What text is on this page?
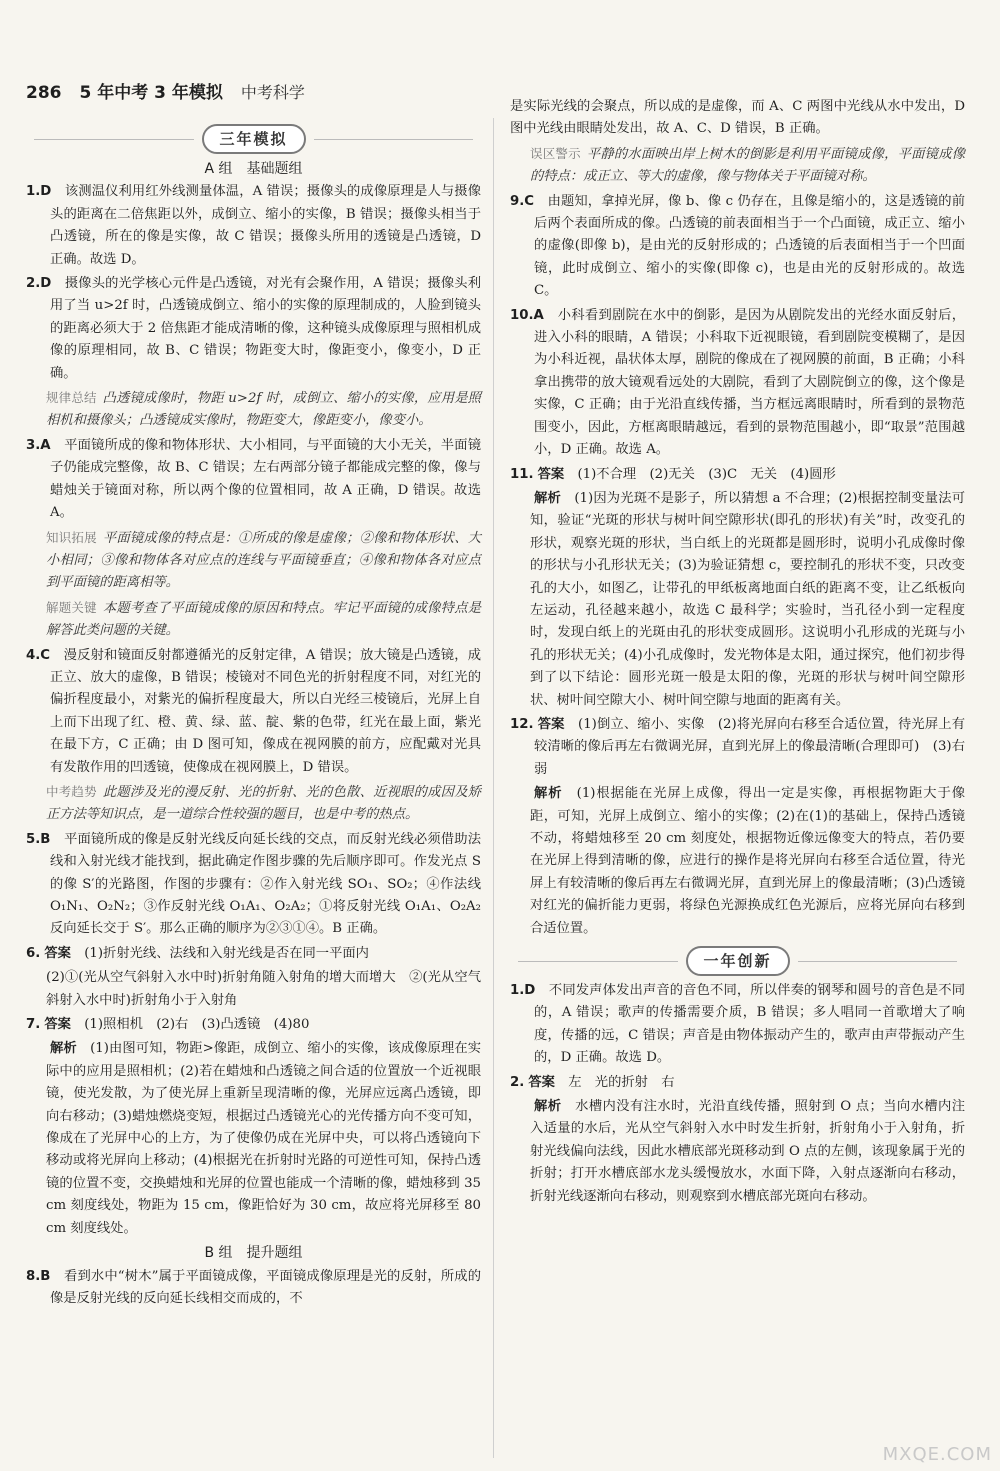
286 5 年中考 3 年模拟 中考科学
三年模拟
A 组　基础题组
1.D　 该测温仪利用红外线测量体温，A 错误；摄像头的成像原理是人与摄像头的距离在二倍焦距以外，成倒立、缩小的实像，B 错误；摄像头相当于凸透镜，所在的像是实像，故 C 错误；摄像头所用的透镜是凸透镜，D 正确。故选 D。
2.D　 摄像头的光学核心元件是凸透镜，对光有会聚作用，A 错误；摄像头利用了当 u>2f 时，凸透镜成倒立、缩小的实像的原理制成的，人脸到镜头的距离必须大于 2 倍焦距才能成清晰的像，这种镜头成像原理与照相机成像的原理相同，故 B、C 错误；物距变大时，像距变小，像变小，D 正确。
规律总结 凸透镜成像时，物距 u>2f 时，成倒立、缩小的实像，应用是照相机和摄像头；凸透镜成实像时，物距变大，像距变小，像变小。
3.A　 平面镜所成的像和物体形状、大小相同，与平面镜的大小无关，半面镜子仍能成完整像，故 B、C 错误；左右两部分镜子都能成完整的像，像与蜡烛关于镜面对称，所以两个像的位置相同，故 A 正确，D 错误。故选 A。
知识拓展 平面镜成像的特点是：①所成的像是虚像；②像和物体形状、大小相同；③像和物体各对应点的连线与平面镜垂直；④像和物体各对应点到平面镜的距离相等。
解题关键 本题考查了平面镜成像的原因和特点。牢记平面镜的成像特点是解答此类问题的关键。
4.C　 漫反射和镜面反射都遵循光的反射定律，A 错误；放大镜是凸透镜，成正立、放大的虚像，B 错误；棱镜对不同色光的折射程度不同，对红光的偏折程度最小，对紫光的偏折程度最大，所以白光经三棱镜后，光屏上自上而下出现了红、橙、黄、绿、蓝、靛、紫的色带，红光在最上面，紫光在最下方，C 正确；由 D 图可知，像成在视网膜的前方，应配戴对光具有发散作用的凹透镜，使像成在视网膜上，D 错误。
中考趋势 此题涉及光的漫反射、光的折射、光的色散、近视眼的成因及矫正方法等知识点，是一道综合性较强的题目，也是中考的热点。
5.B　 平面镜所成的像是反射光线反向延长线的交点，而反射光线必须借助法线和入射光线才能找到，据此确定作图步骤的先后顺序即可。作发光点 S 的像 S′的光路图，作图的步骤有：②作入射光线 SO₁、SO₂；④作法线 O₁N₁、O₂N₂；③作反射光线 O₁A₁、O₂A₂；①将反射光线 O₁A₁、O₂A₂ 反向延长交于 S′。那么正确的顺序为②③①④。B 正确。
6. 答案　 (1)折射光线、法线和入射光线是否在同一平面内
(2)①(光从空气斜射入水中时)折射角随入射角的增大而增大　②(光从空气斜射入水中时)折射角小于入射角
7. 答案　 (1)照相机　(2)右　(3)凸透镜　(4)80
解析　 (1)由图可知，物距>像距，成倒立、缩小的实像，该成像原理在实际中的应用是照相机；(2)若在蜡烛和凸透镜之间合适的位置放一个近视眼镜，使光发散，为了使光屏上重新呈现清晰的像，光屏应远离凸透镜，即向右移动；(3)蜡烛燃烧变短，根据过凸透镜光心的光传播方向不变可知，像成在了光屏中心的上方，为了使像仍成在光屏中央，可以将凸透镜向下移动或将光屏向上移动；(4)根据光在折射时光路的可逆性可知，保持凸透镜的位置不变，交换蜡烛和光屏的位置也能成一个清晰的像，蜡烛移到 35 cm 刻度线处，物距为 15 cm，像距恰好为 30 cm，故应将光屏移至 80 cm 刻度线处。
B 组　提升题组
8.B　 看到水中“树木”属于平面镜成像，平面镜成像原理是光的反射，所成的像是反射光线的反向延长线相交而成的，不
是实际光线的会聚点，所以成的是虚像，而 A、C 两图中光线从水中发出，D 图中光线由眼睛处发出，故 A、C、D 错误，B 正确。
误区警示 平静的水面映出岸上树木的倒影是利用平面镜成像，平面镜成像的特点：成正立、等大的虚像，像与物体关于平面镜对称。
9.C　 由题知，拿掉光屏，像 b、像 c 仍存在，且像是缩小的，这是透镜的前后两个表面所成的像。凸透镜的前表面相当于一个凸面镜，成正立、缩小的虚像(即像 b)，是由光的反射形成的；凸透镜的后表面相当于一个凹面镜，此时成倒立、缩小的实像(即像 c)，也是由光的反射形成的。故选 C。
10.A　 小科看到剧院在水中的倒影，是因为从剧院发出的光经水面反射后，进入小科的眼睛，A 错误；小科取下近视眼镜，看到剧院变模糊了，是因为小科近视，晶状体太厚，剧院的像成在了视网膜的前面，B 正确；小科拿出携带的放大镜观看远处的大剧院，看到了大剧院倒立的像，这个像是实像，C 正确；由于光沿直线传播，当方框远离眼睛时，所看到的景物范围变小，因此，方框离眼睛越远，看到的景物范围越小，即“取景”范围越小，D 正确。故选 A。
11. 答案　 (1)不合理　(2)无关　(3)C　无关　(4)圆形
解析　 (1)因为光斑不是影子，所以猜想 a 不合理；(2)根据控制变量法可知，验证“光斑的形状与树叶间空隙形状(即孔的形状)有关”时，改变孔的形状，观察光斑的形状，当白纸上的光斑都是圆形时，说明小孔成像时像的形状与小孔形状无关；(3)为验证猜想 c，要控制孔的形状不变，只改变孔的大小，如图乙，让带孔的甲纸板离地面白纸的距离不变，让乙纸板向左运动，孔径越来越小，故选 C 最科学；实验时，当孔径小到一定程度时，发现白纸上的光斑由孔的形状变成圆形。这说明小孔形成的光斑与小孔的形状无关；(4)小孔成像时，发光物体是太阳，通过探究，他们初步得到了以下结论：圆形光斑一般是太阳的像，光斑的形状与树叶间空隙形状、树叶间空隙大小、树叶间空隙与地面的距离有关。
12. 答案　 (1)倒立、缩小、实像　(2)将光屏向右移至合适位置，待光屏上有较清晰的像后再左右微调光屏，直到光屏上的像最清晰(合理即可)　(3)右　弱
解析　 (1)根据能在光屏上成像，得出一定是实像，再根据物距大于像距，可知，光屏上成倒立、缩小的实像；(2)在(1)的基础上，保持凸透镜不动，将蜡烛移至 20 cm 刻度处，根据物近像远像变大的特点，若仍要在光屏上得到清晰的像，应进行的操作是将光屏向右移至合适位置，待光屏上有较清晰的像后再左右微调光屏，直到光屏上的像最清晰；(3)凸透镜对红光的偏折能力更弱，将绿色光源换成红色光源后，应将光屏向右移到合适位置。
一年创新
1.D　 不同发声体发出声音的音色不同，所以伴奏的钢琴和圆号的音色是不同的，A 错误；歌声的传播需要介质，B 错误；多人唱同一首歌增大了响度，传播的远，C 错误；声音是由物体振动产生的，歌声由声带振动产生的，D 正确。故选 D。
2. 答案　 左　光的折射　右
解析　 水槽内没有注水时，光沿直线传播，照射到 O 点；当向水槽内注入适量的水后，光从空气斜射入水中时发生折射，折射角小于入射角，折射光线偏向法线，因此水槽底部光斑移动到 O 点的左侧，该现象属于光的折射；打开水槽底部水龙头缓慢放水，水面下降，入射点逐渐向右移动，折射光线逐渐向右移动，则观察到水槽底部光斑向右移动。
MXQE.COM
